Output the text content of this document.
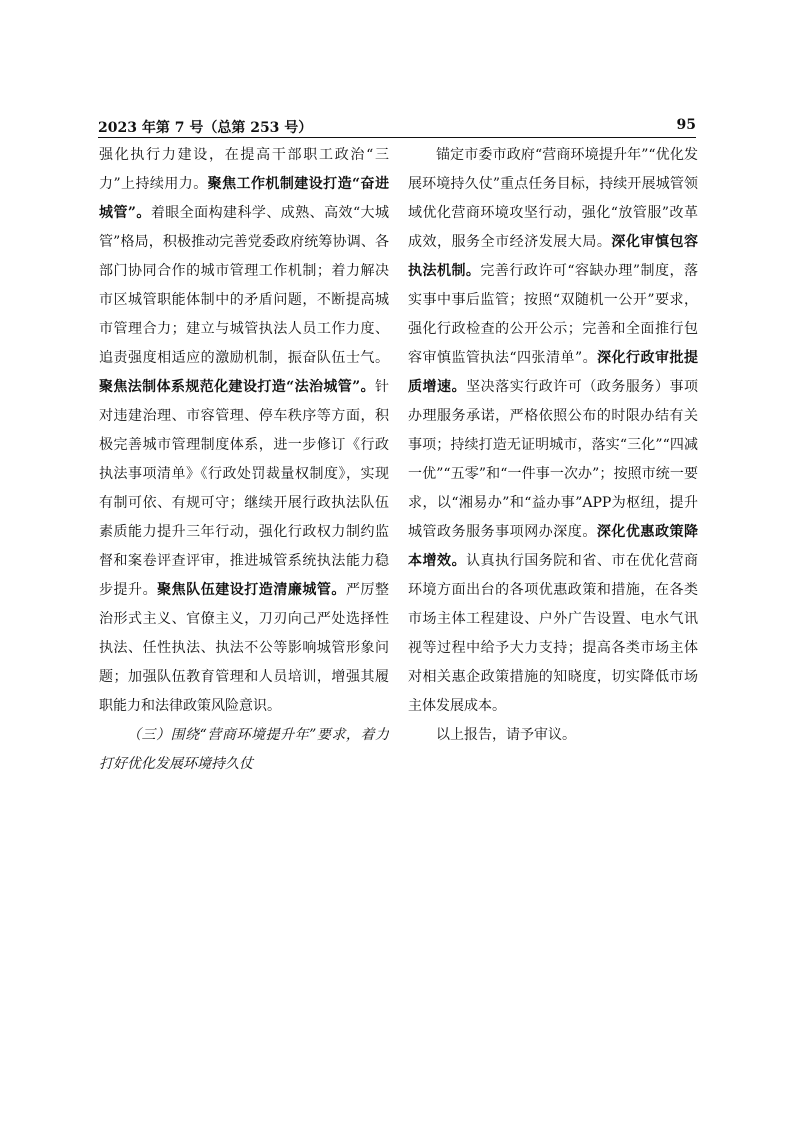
2023 年第 7 号（总第 253 号）	95

强化执行力建设，在提高干部职工政治“三力”上持续用力。聚焦工作机制建设打造“奋进城管”。着眼全面构建科学、成熟、高效“大城管”格局，积极推动完善党委政府统筹协调、各部门协同合作的城市管理工作机制；着力解决市区城管职能体制中的矛盾问题，不断提高城市管理合力；建立与城管执法人员工作力度、追责强度相适应的激励机制，振奋队伍士气。聚焦法制体系规范化建设打造“法治城管”。针对违建治理、市容管理、停车秩序等方面，积极完善城市管理制度体系，进一步修订《行政执法事项清单》《行政处罚裁量权制度》，实现有制可依、有规可守；继续开展行政执法队伍素质能力提升三年行动，强化行政权力制约监督和案卷评查评审，推进城管系统执法能力稳步提升。聚焦队伍建设打造清廉城管。严厉整治形式主义、官僚主义，刀刃向己严处选择性执法、任性执法、执法不公等影响城管形象问题；加强队伍教育管理和人员培训，增强其履职能力和法律政策风险意识。

（三）围绕“营商环境提升年”要求，着力打好优化发展环境持久仗

锚定市委市政府“营商环境提升年”“优化发展环境持久仗”重点任务目标，持续开展城管领域优化营商环境攻坚行动，强化“放管服”改革成效，服务全市经济发展大局。深化审慎包容执法机制。完善行政许可“容缺办理”制度，落实事中事后监管；按照“双随机一公开”要求，强化行政检查的公开公示；完善和全面推行包容审慎监管执法“四张清单”。深化行政审批提质增速。坚决落实行政许可（政务服务）事项办理服务承诺，严格依照公布的时限办结有关事项；持续打造无证明城市，落实“三化”“四减一优”“五零”和“一件事一次办”；按照市统一要求，以“湘易办”和“益办事”APP为枢纽，提升城管政务服务事项网办深度。深化优惠政策降本增效。认真执行国务院和省、市在优化营商环境方面出台的各项优惠政策和措施，在各类市场主体工程建设、户外广告设置、电水气讯视等过程中给予大力支持；提高各类市场主体对相关惠企政策措施的知晓度，切实降低市场主体发展成本。

以上报告，请予审议。
